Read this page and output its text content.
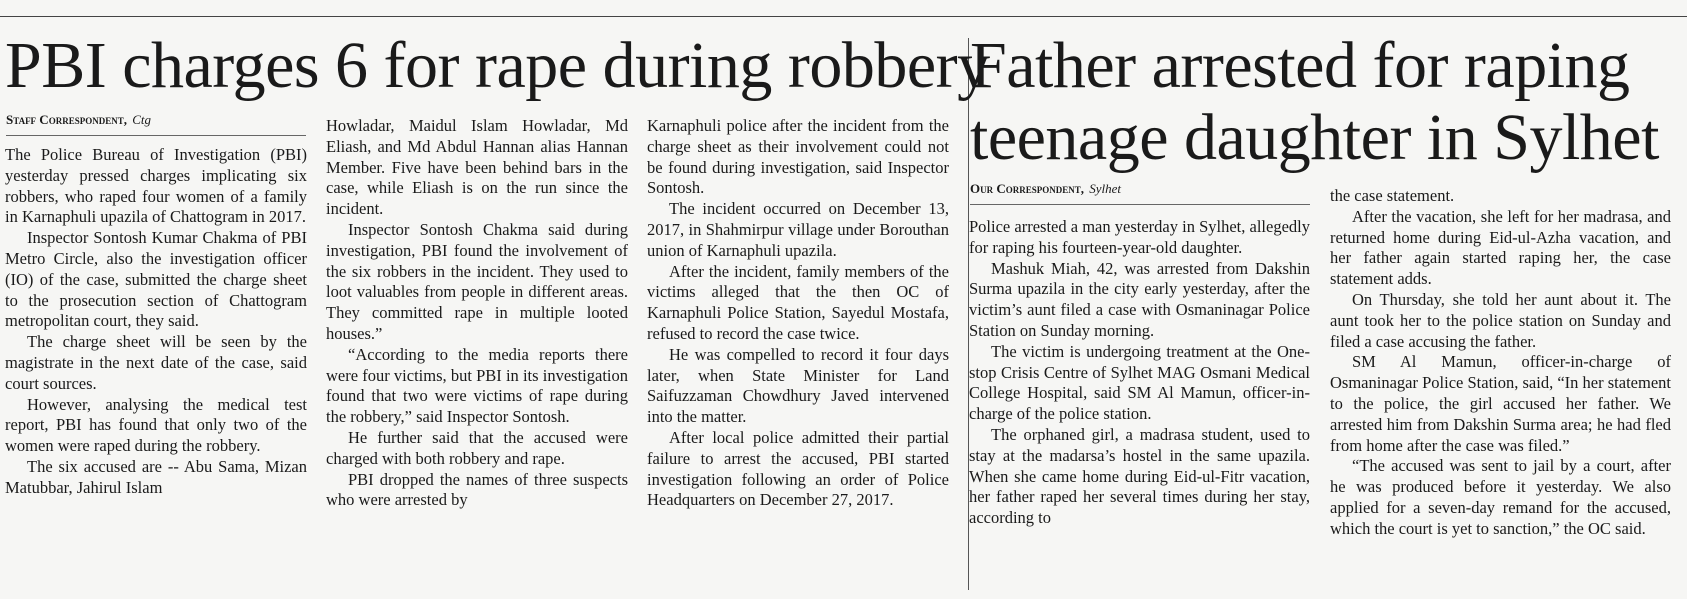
PBI charges 6 for rape during robbery
Staff Correspondent, Ctg

The Police Bureau of Investigation (PBI) yesterday pressed charges implicating six robbers, who raped four women of a family in Karnaphuli upazila of Chattogram in 2017.

Inspector Sontosh Kumar Chakma of PBI Metro Circle, also the investigation officer (IO) of the case, submitted the charge sheet to the prosecution section of Chattogram metropolitan court, they said.

The charge sheet will be seen by the magistrate in the next date of the case, said court sources.

However, analysing the medical test report, PBI has found that only two of the women were raped during the robbery.

The six accused are -- Abu Sama, Mizan Matubbar, Jahirul Islam

Howladar, Maidul Islam Howladar, Md Eliash, and Md Abdul Hannan alias Hannan Member. Five have been behind bars in the case, while Eliash is on the run since the incident.

Inspector Sontosh Chakma said during investigation, PBI found the involvement of the six robbers in the incident. They used to loot valuables from people in different areas. They committed rape in multiple looted houses.”

“According to the media reports there were four victims, but PBI in its investigation found that two were victims of rape during the robbery,” said Inspector Sontosh.

He further said that the accused were charged with both robbery and rape.

PBI dropped the names of three suspects who were arrested by

Karnaphuli police after the incident from the charge sheet as their involvement could not be found during investigation, said Inspector Sontosh.

The incident occurred on December 13, 2017, in Shahmirpur village under Borouthan union of Karnaphuli upazila.

After the incident, family members of the victims alleged that the then OC of Karnaphuli Police Station, Sayedul Mostafa, refused to record the case twice.

He was compelled to record it four days later, when State Minister for Land Saifuzzaman Chowdhury Javed intervened into the matter.

After local police admitted their partial failure to arrest the accused, PBI started investigation following an order of Police Headquarters on December 27, 2017.

Father arrested for raping teenage daughter in Sylhet
Our Correspondent, Sylhet

Police arrested a man yesterday in Sylhet, allegedly for raping his fourteen-year-old daughter.

Mashuk Miah, 42, was arrested from Dakshin Surma upazila in the city early yesterday, after the victim’s aunt filed a case with Osmaninagar Police Station on Sunday morning.

The victim is undergoing treatment at the One-stop Crisis Centre of Sylhet MAG Osmani Medical College Hospital, said SM Al Mamun, officer-in-charge of the police station.

The orphaned girl, a madrasa student, used to stay at the madarsa’s hostel in the same upazila. When she came home during Eid-ul-Fitr vacation, her father raped her several times during her stay, according to

the case statement.

After the vacation, she left for her madrasa, and returned home during Eid-ul-Azha vacation, and her father again started raping her, the case statement adds.

On Thursday, she told her aunt about it. The aunt took her to the police station on Sunday and filed a case accusing the father.

SM Al Mamun, officer-in-charge of Osmaninagar Police Station, said, “In her statement to the police, the girl accused her father. We arrested him from Dakshin Surma area; he had fled from home after the case was filed.”

“The accused was sent to jail by a court, after he was produced before it yesterday. We also applied for a seven-day remand for the accused, which the court is yet to sanction,” the OC said.
